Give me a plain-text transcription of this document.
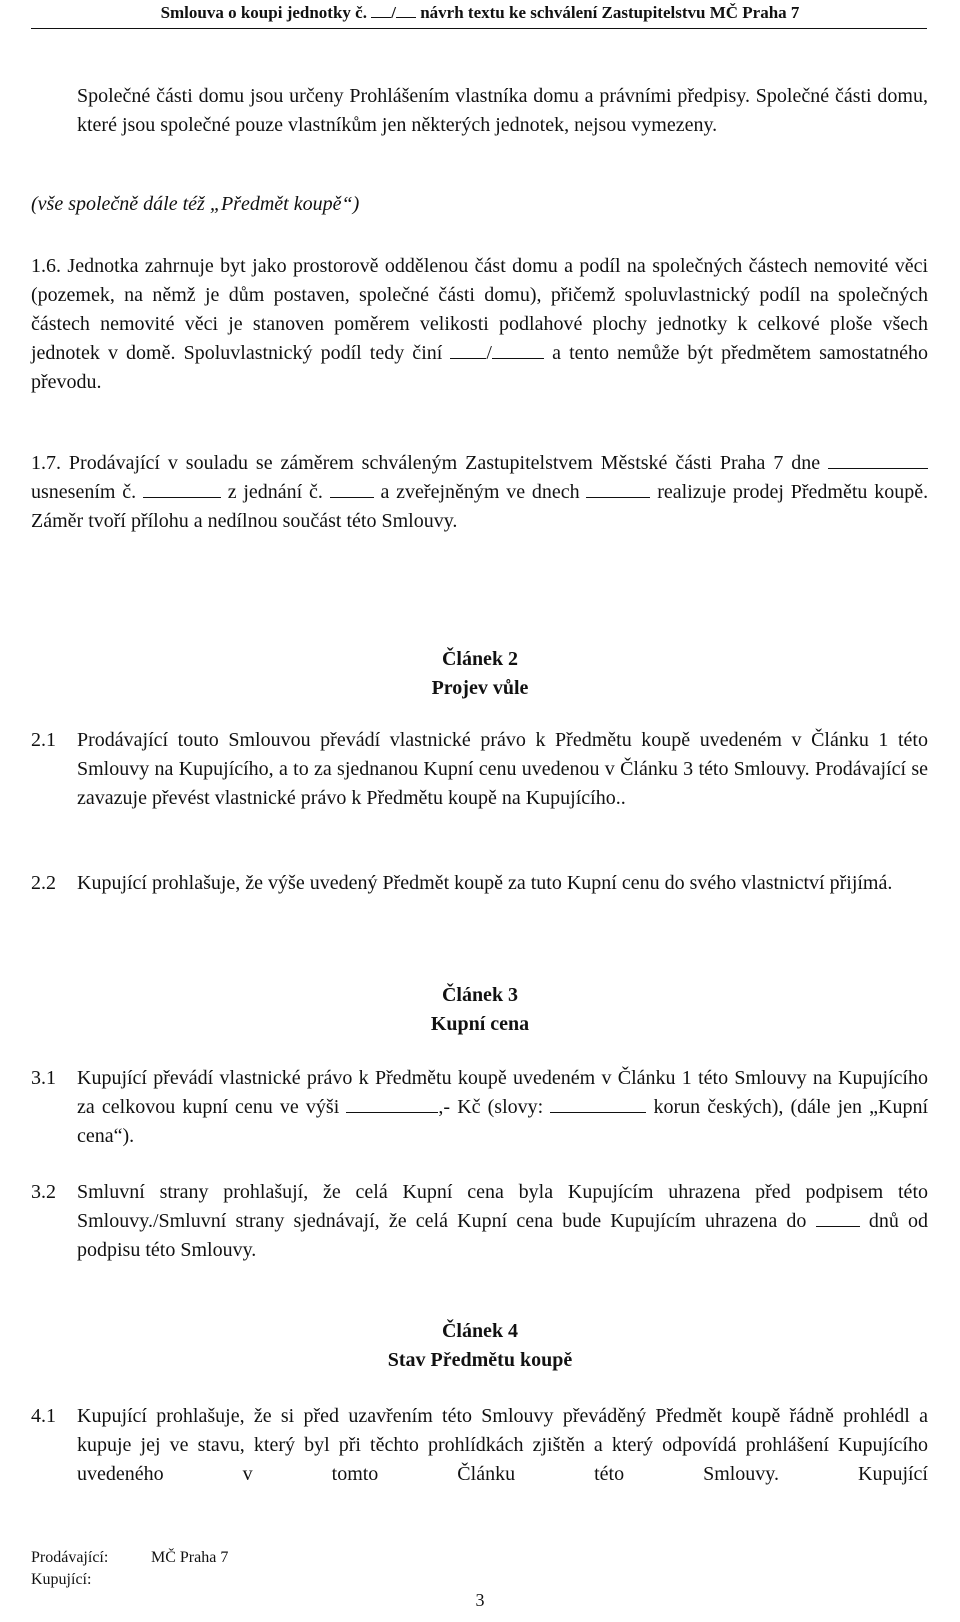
Smlouva o koupi jednotky č. / návrh textu ke schválení Zastupitelstvu MČ Praha 7
Společné části domu jsou určeny Prohlášením vlastníka domu a právními předpisy. Společné části domu, které jsou společné pouze vlastníkům jen některých jednotek, nejsou vymezeny.
(vše společně dále též „Předmět koupě“)
1.6. Jednotka zahrnuje byt jako prostorově oddělenou část domu a podíl na společných částech nemovité věci (pozemek, na němž je dům postaven, společné části domu), přičemž spoluvlastnický podíl na společných částech nemovité věci je stanoven poměrem velikosti podlahové plochy jednotky k celkové ploše všech jednotek v domě. Spoluvlastnický podíl tedy činí /	a tento nemůže být předmětem samostatného převodu.
1.7. Prodávající v souladu se záměrem schváleným Zastupitelstvem Městské části Praha 7 dne  usnesením č.	z jednání č.	a zveřejněným ve dnech	realizuje prodej Předmětu koupě. Záměr tvoří přílohu a nedílnou součást této Smlouvy.
Článek 2
Projev vůle
2.1 Prodávající touto Smlouvou převádí vlastnické právo k Předmětu koupě uvedeném v Článku 1 této Smlouvy na Kupujícího, a to za sjednanou Kupní cenu uvedenou v Článku 3 této Smlouvy. Prodávající se zavazuje převést vlastnické právo k Předmětu koupě na Kupujícího..
2.2 Kupující prohlašuje, že výše uvedený Předmět koupě za tuto Kupní cenu do svého vlastnictví přijímá.
Článek 3
Kupní cena
3.1 Kupující převádí vlastnické právo k Předmětu koupě uvedeném v Článku 1 této Smlouvy na Kupujícího za celkovou kupní cenu ve výši	,- Kč (slovy:	korun českých), (dále jen „Kupní cena“).
3.2 Smluvní strany prohlašují, že celá Kupní cena byla Kupujícím uhrazena před podpisem této Smlouvy./Smluvní strany sjednávají, že celá Kupní cena bude Kupujícím uhrazena do	dnů od podpisu této Smlouvy.
Článek 4
Stav Předmětu koupě
4.1 Kupující prohlašuje, že si před uzavřením této Smlouvy převáděný Předmět koupě řádně prohlédl a kupuje jej ve stavu, který byl při těchto prohlídkách zjištěn a který odpovídá prohlášení Kupujícího uvedeného v tomto Článku této Smlouvy. Kupující
Prodávající:	MČ Praha 7
Kupující:
3
